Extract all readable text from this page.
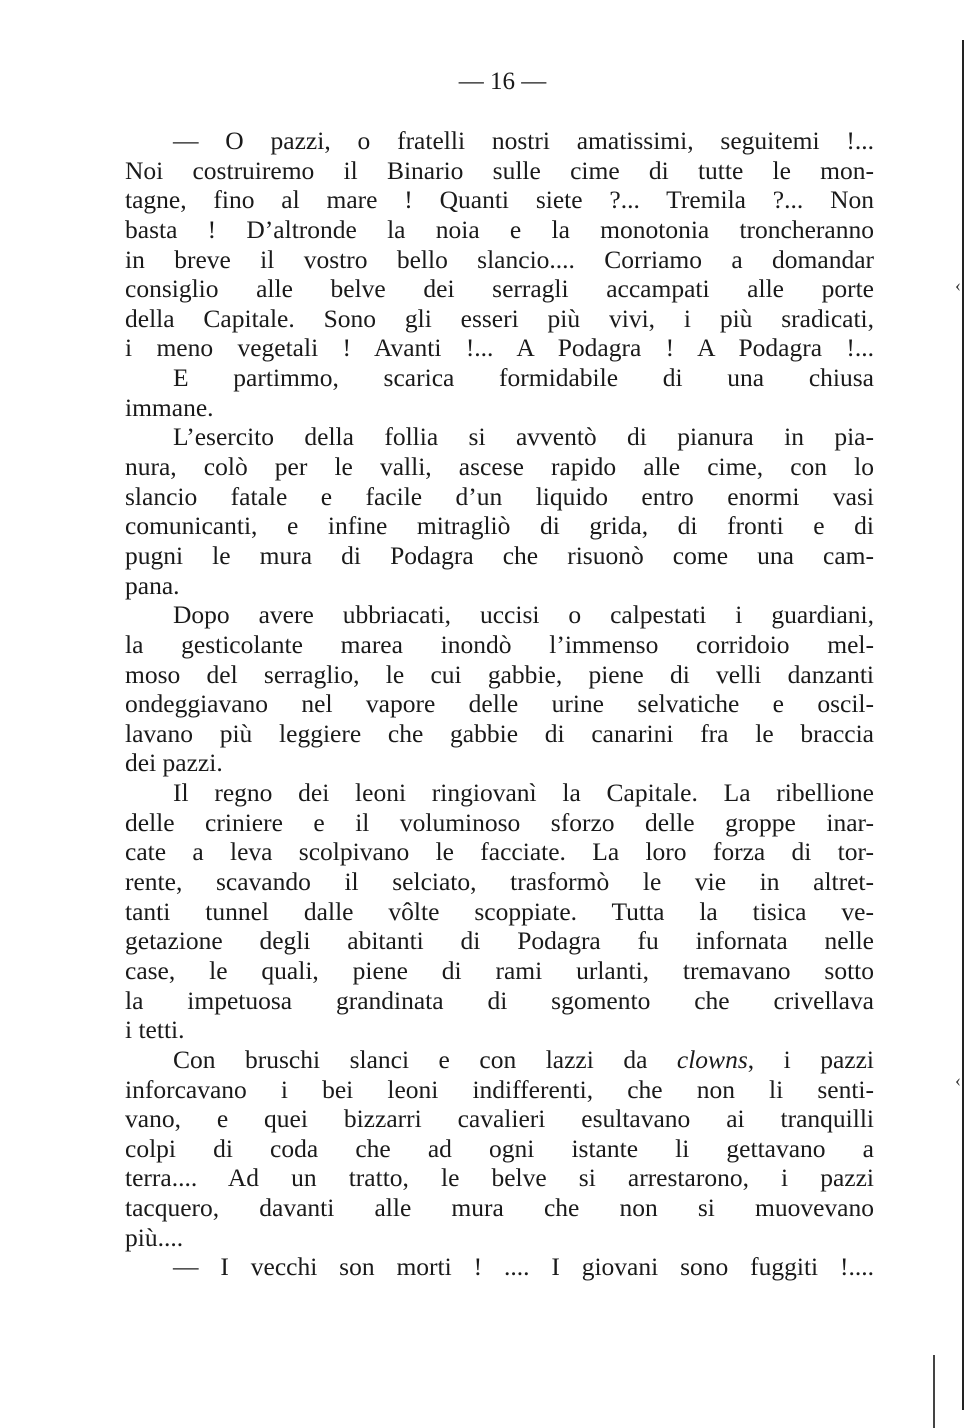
‹
‹
— 16 —
— O pazzi, o fratelli nostri amatissimi, seguitemi !...
Noi costruiremo il Binario sulle cime di tutte le mon-
tagne, fino al mare ! Quanti siete ?... Tremila ?... Non
basta ! D’altronde la noia e la monotonia troncheranno
in breve il vostro bello slancio.... Corriamo a domandar
consiglio alle belve dei serragli accampati alle porte
della Capitale. Sono gli esseri più vivi, i più sradicati,
i meno vegetali ! Avanti !... A Podagra ! A Podagra !...
E partimmo, scarica formidabile di una chiusa
immane.
L’esercito della follia si avventò di pianura in pia-
nura, colò per le valli, ascese rapido alle cime, con lo
slancio fatale e facile d’un liquido entro enormi vasi
comunicanti, e infine mitragliò di grida, di fronti e di
pugni le mura di Podagra che risuonò come una cam-
pana.
Dopo avere ubbriacati, uccisi o calpestati i guardiani,
la gesticolante marea inondò l’immenso corridoio mel-
moso del serraglio, le cui gabbie, piene di velli danzanti
ondeggiavano nel vapore delle urine selvatiche e oscil-
lavano più leggiere che gabbie di canarini fra le braccia
dei pazzi.
Il regno dei leoni ringiovanì la Capitale. La ribellione
delle criniere e il voluminoso sforzo delle groppe inar-
cate a leva scolpivano le facciate. La loro forza di tor-
rente, scavando il selciato, trasformò le vie in altret-
tanti tunnel dalle vôlte scoppiate. Tutta la tisica ve-
getazione degli abitanti di Podagra fu infornata nelle
case, le quali, piene di rami urlanti, tremavano sotto
la impetuosa grandinata di sgomento che crivellava
i tetti.
Con bruschi slanci e con lazzi da clowns, i pazzi
inforcavano i bei leoni indifferenti, che non li senti-
vano, e quei bizzarri cavalieri esultavano ai tranquilli
colpi di coda che ad ogni istante li gettavano a
terra.... Ad un tratto, le belve si arrestarono, i pazzi
tacquero, davanti alle mura che non si muovevano
più....
— I vecchi son morti ! .... I giovani sono fuggiti !....
